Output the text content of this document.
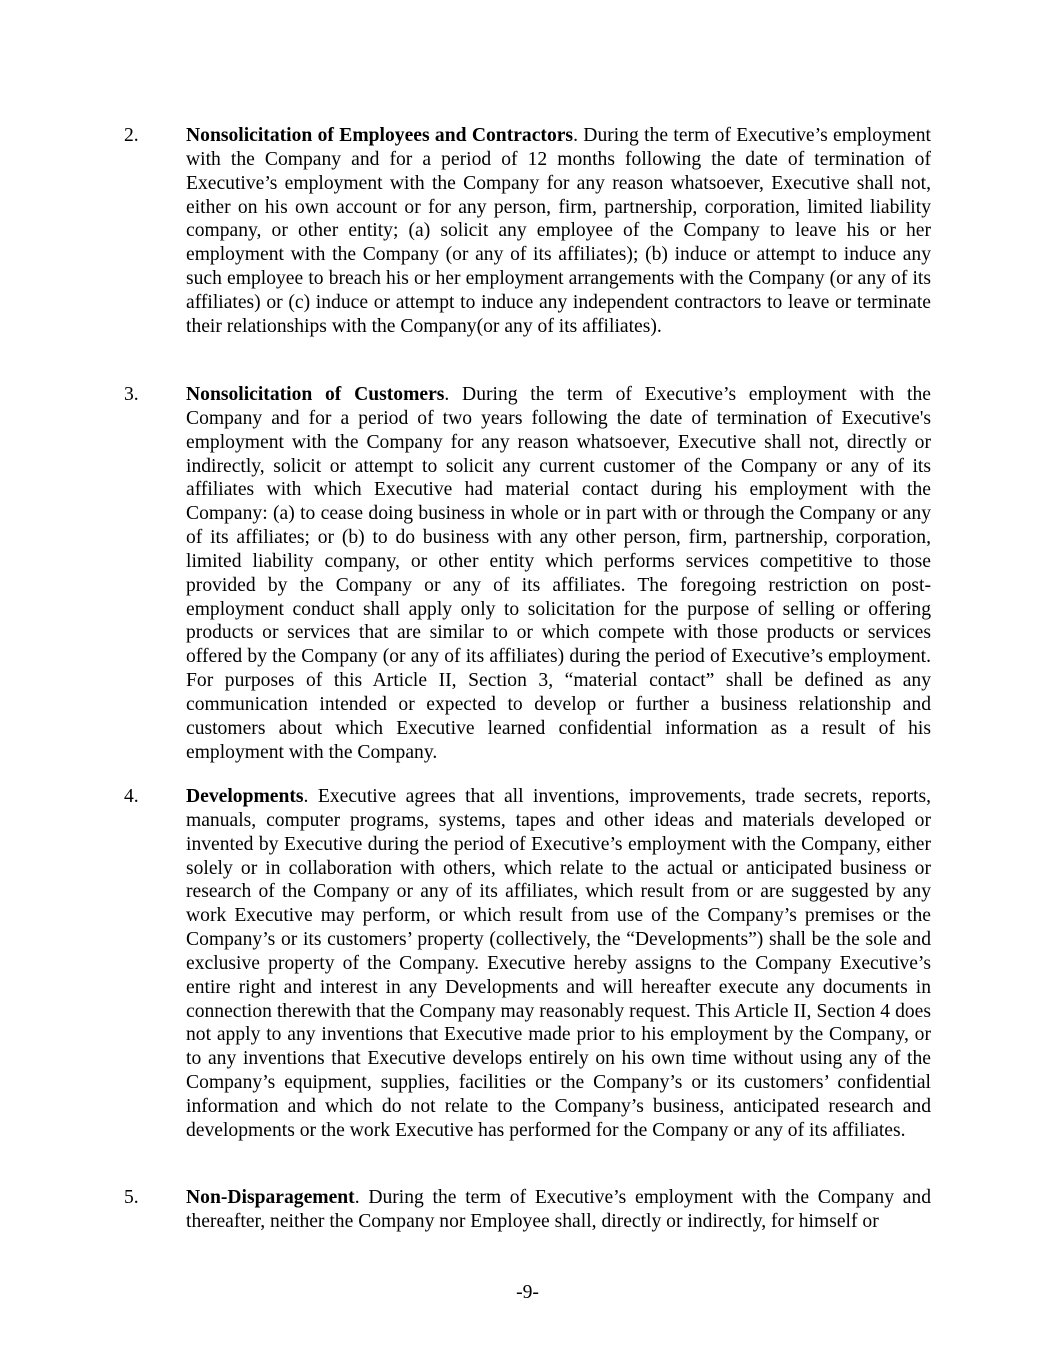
2. Nonsolicitation of Employees and Contractors. During the term of Executive’s employment with the Company and for a period of 12 months following the date of termination of Executive’s employment with the Company for any reason whatsoever, Executive shall not, either on his own account or for any person, firm, partnership, corporation, limited liability company, or other entity; (a) solicit any employee of the Company to leave his or her employment with the Company (or any of its affiliates); (b) induce or attempt to induce any such employee to breach his or her employment arrangements with the Company (or any of its affiliates) or (c) induce or attempt to induce any independent contractors to leave or terminate their relationships with the Company(or any of its affiliates).

3. Nonsolicitation of Customers. During the term of Executive’s employment with the Company and for a period of two years following the date of termination of Executive's employment with the Company for any reason whatsoever, Executive shall not, directly or indirectly, solicit or attempt to solicit any current customer of the Company or any of its affiliates with which Executive had material contact during his employment with the Company: (a) to cease doing business in whole or in part with or through the Company or any of its affiliates; or (b) to do business with any other person, firm, partnership, corporation, limited liability company, or other entity which performs services competitive to those provided by the Company or any of its affiliates. The foregoing restriction on post-employment conduct shall apply only to solicitation for the purpose of selling or offering products or services that are similar to or which compete with those products or services offered by the Company (or any of its affiliates) during the period of Executive’s employment. For purposes of this Article II, Section 3, “material contact” shall be defined as any communication intended or expected to develop or further a business relationship and customers about which Executive learned confidential information as a result of his employment with the Company.

4. Developments. Executive agrees that all inventions, improvements, trade secrets, reports, manuals, computer programs, systems, tapes and other ideas and materials developed or invented by Executive during the period of Executive’s employment with the Company, either solely or in collaboration with others, which relate to the actual or anticipated business or research of the Company or any of its affiliates, which result from or are suggested by any work Executive may perform, or which result from use of the Company’s premises or the Company’s or its customers’ property (collectively, the “Developments”) shall be the sole and exclusive property of the Company. Executive hereby assigns to the Company Executive’s entire right and interest in any Developments and will hereafter execute any documents in connection therewith that the Company may reasonably request. This Article II, Section 4 does not apply to any inventions that Executive made prior to his employment by the Company, or to any inventions that Executive develops entirely on his own time without using any of the Company’s equipment, supplies, facilities or the Company’s or its customers’ confidential information and which do not relate to the Company’s business, anticipated research and developments or the work Executive has performed for the Company or any of its affiliates.

5. Non-Disparagement. During the term of Executive’s employment with the Company and thereafter, neither the Company nor Employee shall, directly or indirectly, for himself or

-9-
